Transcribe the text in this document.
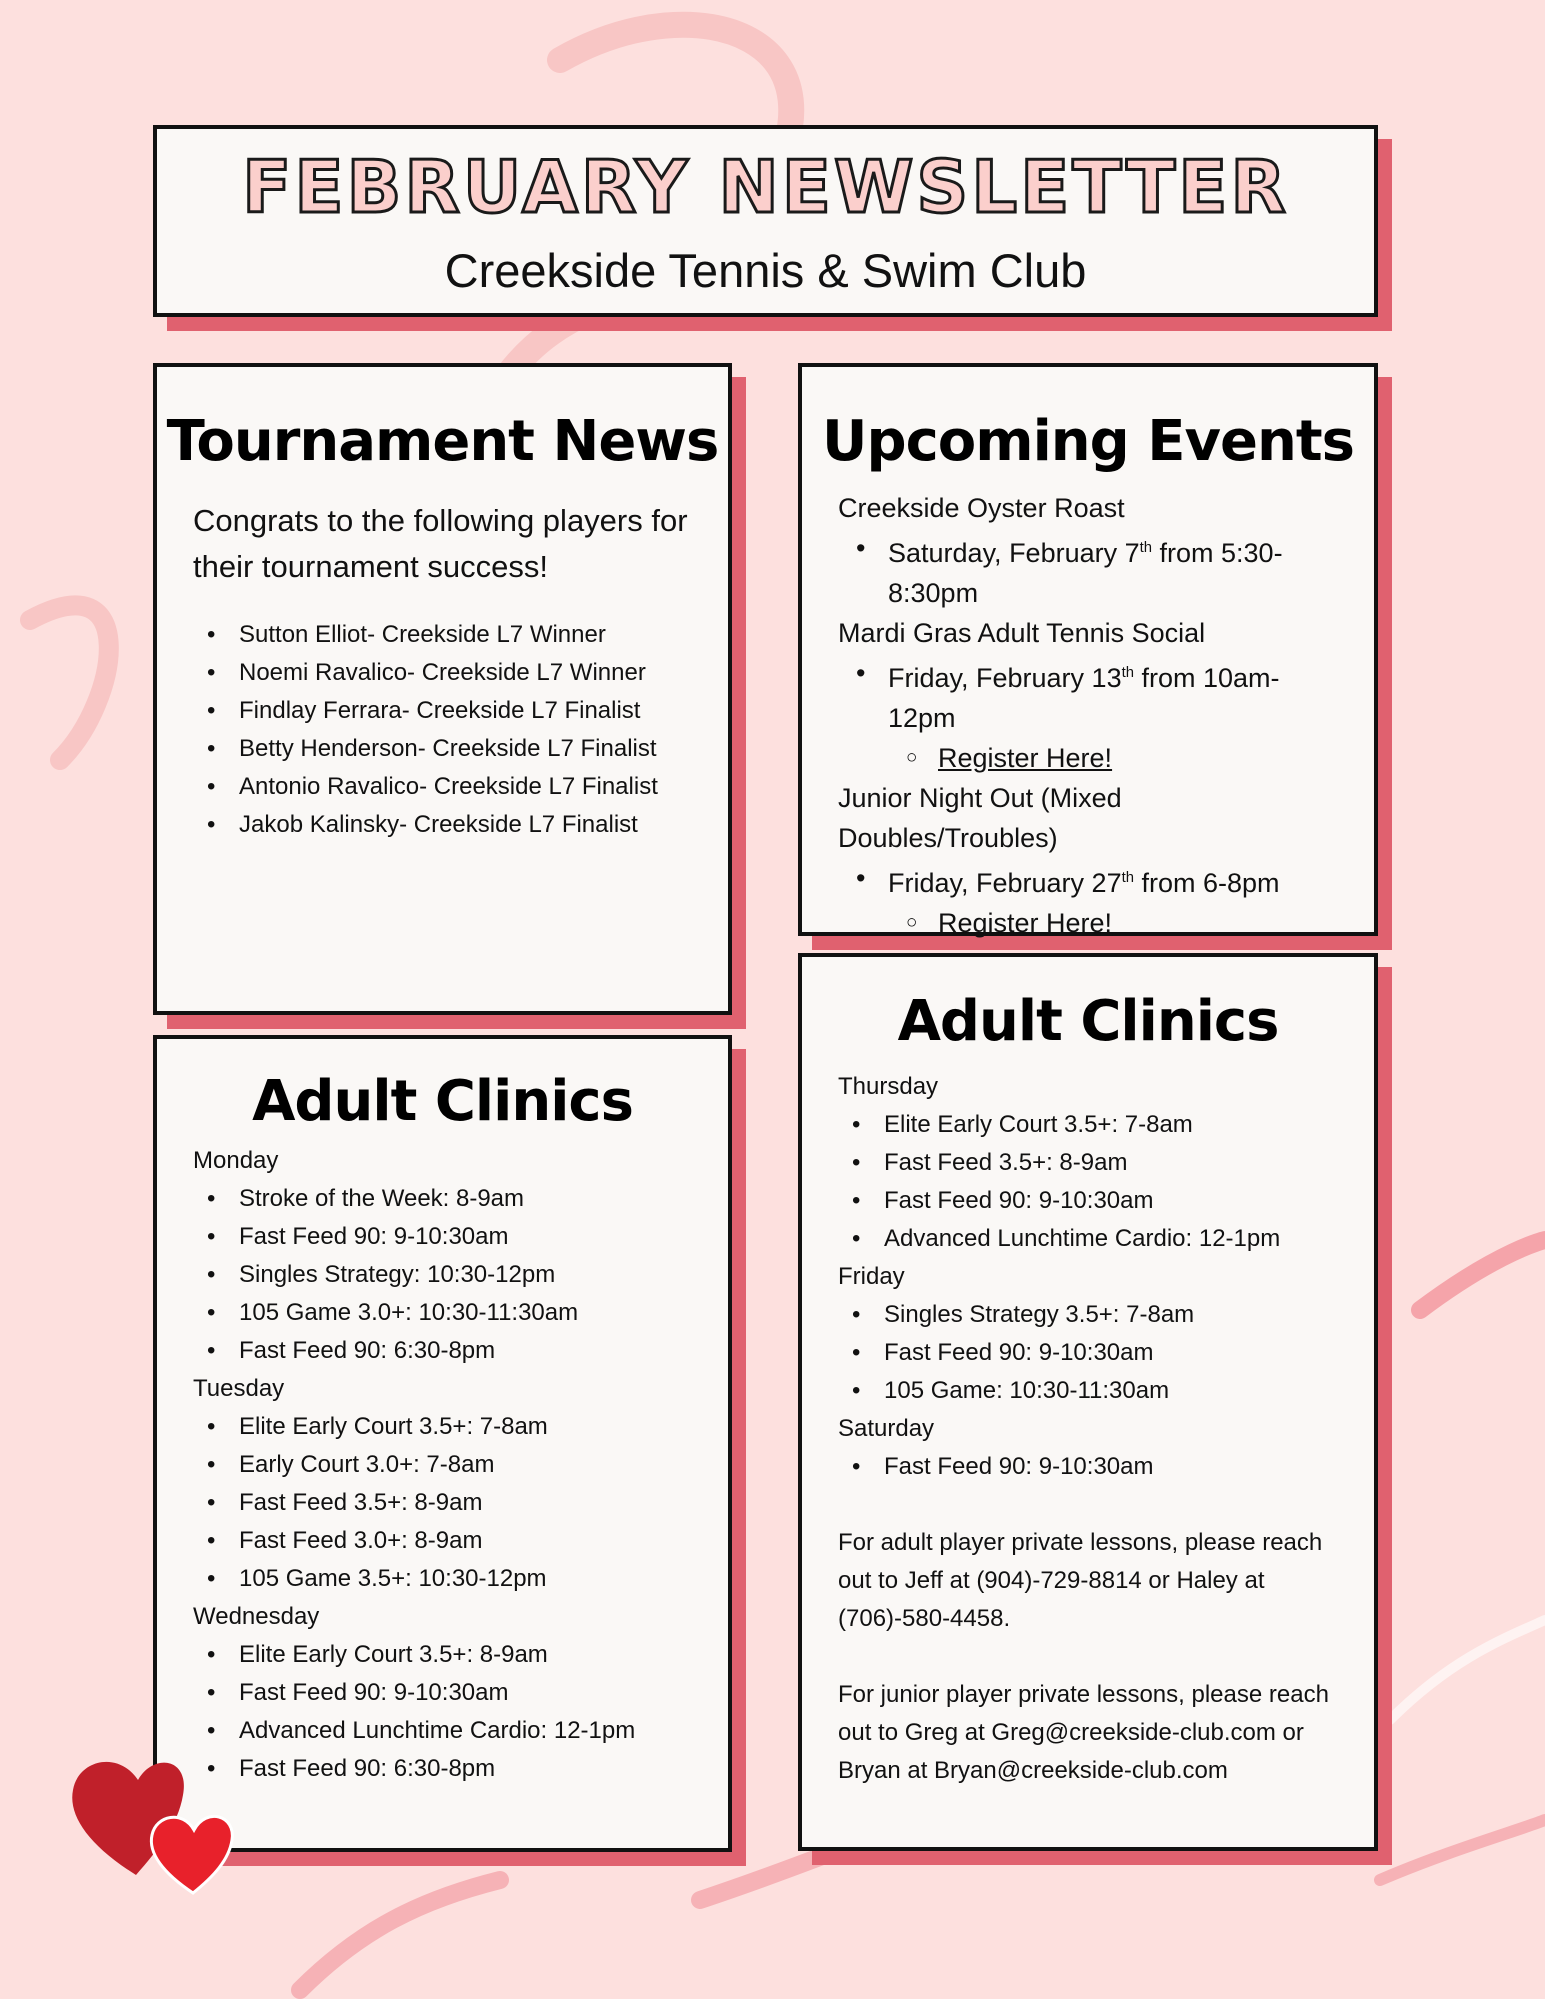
FEBRUARY NEWSLETTER
Creekside Tennis & Swim Club
Tournament News
Congrats to the following players for their tournament success!
• Sutton Elliot- Creekside L7 Winner
• Noemi Ravalico- Creekside L7 Winner
• Findlay Ferrara- Creekside L7 Finalist
• Betty Henderson- Creekside L7 Finalist
• Antonio Ravalico- Creekside L7 Finalist
• Jakob Kalinsky- Creekside L7 Finalist
Upcoming Events
Creekside Oyster Roast
• Saturday, February 7th from 5:30-8:30pm
Mardi Gras Adult Tennis Social
• Friday, February 13th from 10am-12pm
○ Register Here!
Junior Night Out (Mixed Doubles/Troubles)
• Friday, February 27th from 6-8pm
○ Register Here!
Adult Clinics
Monday
• Stroke of the Week: 8-9am
• Fast Feed 90: 9-10:30am
• Singles Strategy: 10:30-12pm
• 105 Game 3.0+: 10:30-11:30am
• Fast Feed 90: 6:30-8pm
Tuesday
• Elite Early Court 3.5+: 7-8am
• Early Court 3.0+: 7-8am
• Fast Feed 3.5+: 8-9am
• Fast Feed 3.0+: 8-9am
• 105 Game 3.5+: 10:30-12pm
Wednesday
• Elite Early Court 3.5+: 8-9am
• Fast Feed 90: 9-10:30am
• Advanced Lunchtime Cardio: 12-1pm
• Fast Feed 90: 6:30-8pm
Adult Clinics
Thursday
• Elite Early Court 3.5+: 7-8am
• Fast Feed 3.5+: 8-9am
• Fast Feed 90: 9-10:30am
• Advanced Lunchtime Cardio: 12-1pm
Friday
• Singles Strategy 3.5+: 7-8am
• Fast Feed 90: 9-10:30am
• 105 Game: 10:30-11:30am
Saturday
• Fast Feed 90: 9-10:30am

For adult player private lessons, please reach out to Jeff at (904)-729-8814 or Haley at (706)-580-4458.

For junior player private lessons, please reach out to Greg at Greg@creekside-club.com or Bryan at Bryan@creekside-club.com
